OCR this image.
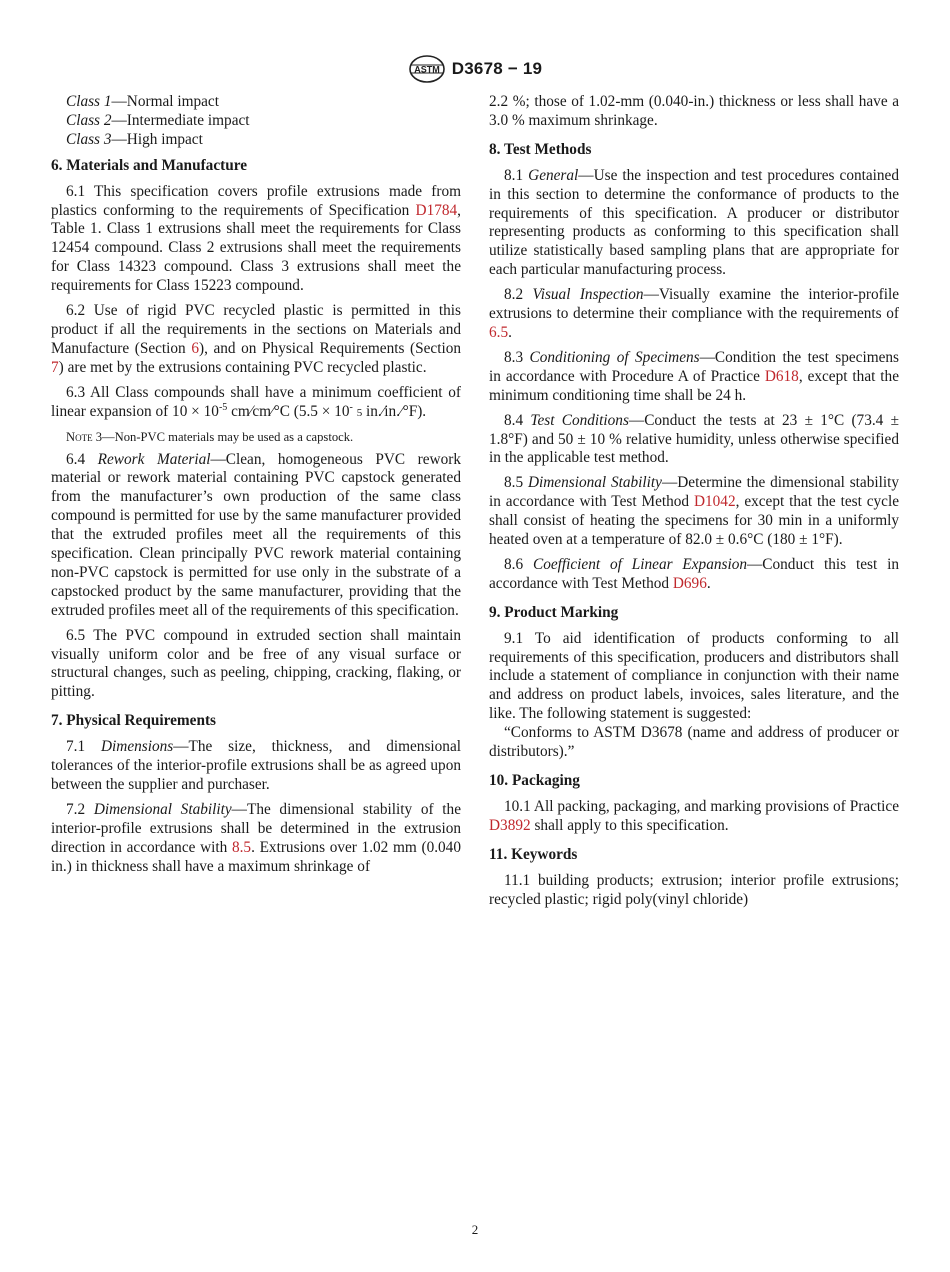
ASTM D3678 − 19

Class 1—Normal impact

Class 2—Intermediate impact

Class 3—High impact

6. Materials and Manufacture

6.1 This specification covers profile extrusions made from plastics conforming to the requirements of Specification D1784, Table 1. Class 1 extrusions shall meet the requirements for Class 12454 compound. Class 2 extrusions shall meet the requirements for Class 14323 compound. Class 3 extrusions shall meet the requirements for Class 15223 compound.

6.2 Use of rigid PVC recycled plastic is permitted in this product if all the requirements in the sections on Materials and Manufacture (Section 6), and on Physical Requirements (Section 7) are met by the extrusions containing PVC recycled plastic.

6.3 All Class compounds shall have a minimum coefficient of linear expansion of $10 \times 10^{-5}$ cm⁄cm⁄°C (5.5 × 10- 5 in.⁄in.⁄°F).

Note 3—Non-PVC materials may be used as a capstock.

6.4 Rework Material—Clean, homogeneous PVC rework material or rework material containing PVC capstock generated from the manufacturer’s own production of the same class compound is permitted for use by the same manufacturer provided that the extruded profiles meet all the requirements of this specification. Clean principally PVC rework material containing non-PVC capstock is permitted for use only in the substrate of a capstocked product by the same manufacturer, providing that the extruded profiles meet all of the requirements of this specification.

6.5 The PVC compound in extruded section shall maintain visually uniform color and be free of any visual surface or structural changes, such as peeling, chipping, cracking, flaking, or pitting.

7. Physical Requirements

7.1 Dimensions—The size, thickness, and dimensional tolerances of the interior-profile extrusions shall be as agreed upon between the supplier and purchaser.

7.2 Dimensional Stability—The dimensional stability of the interior-profile extrusions shall be determined in the extrusion direction in accordance with 8.5. Extrusions over 1.02 mm (0.040 in.) in thickness shall have a maximum shrinkage of

2.2 %; those of 1.02-mm (0.040-in.) thickness or less shall have a 3.0 % maximum shrinkage.

8. Test Methods

8.1 General—Use the inspection and test procedures contained in this section to determine the conformance of products to the requirements of this specification. A producer or distributor representing products as conforming to this specification shall utilize statistically based sampling plans that are appropriate for each particular manufacturing process.

8.2 Visual Inspection—Visually examine the interior-profile extrusions to determine their compliance with the requirements of 6.5.

8.3 Conditioning of Specimens—Condition the test specimens in accordance with Procedure A of Practice D618, except that the minimum conditioning time shall be 24 h.

8.4 Test Conditions—Conduct the tests at 23 ± 1°C (73.4 ± 1.8°F) and 50 ± 10 % relative humidity, unless otherwise specified in the applicable test method.

8.5 Dimensional Stability—Determine the dimensional stability in accordance with Test Method D1042, except that the test cycle shall consist of heating the specimens for 30 min in a uniformly heated oven at a temperature of 82.0 ± 0.6°C (180 ± 1°F).

8.6 Coefficient of Linear Expansion—Conduct this test in accordance with Test Method D696.

9. Product Marking

9.1 To aid identification of products conforming to all requirements of this specification, producers and distributors shall include a statement of compliance in conjunction with their name and address on product labels, invoices, sales literature, and the like. The following statement is suggested:

“Conforms to ASTM D3678 (name and address of producer or distributors).”

10. Packaging

10.1 All packing, packaging, and marking provisions of Practice D3892 shall apply to this specification.

11. Keywords

11.1 building products; extrusion; interior profile extrusions; recycled plastic; rigid poly(vinyl chloride)

2
